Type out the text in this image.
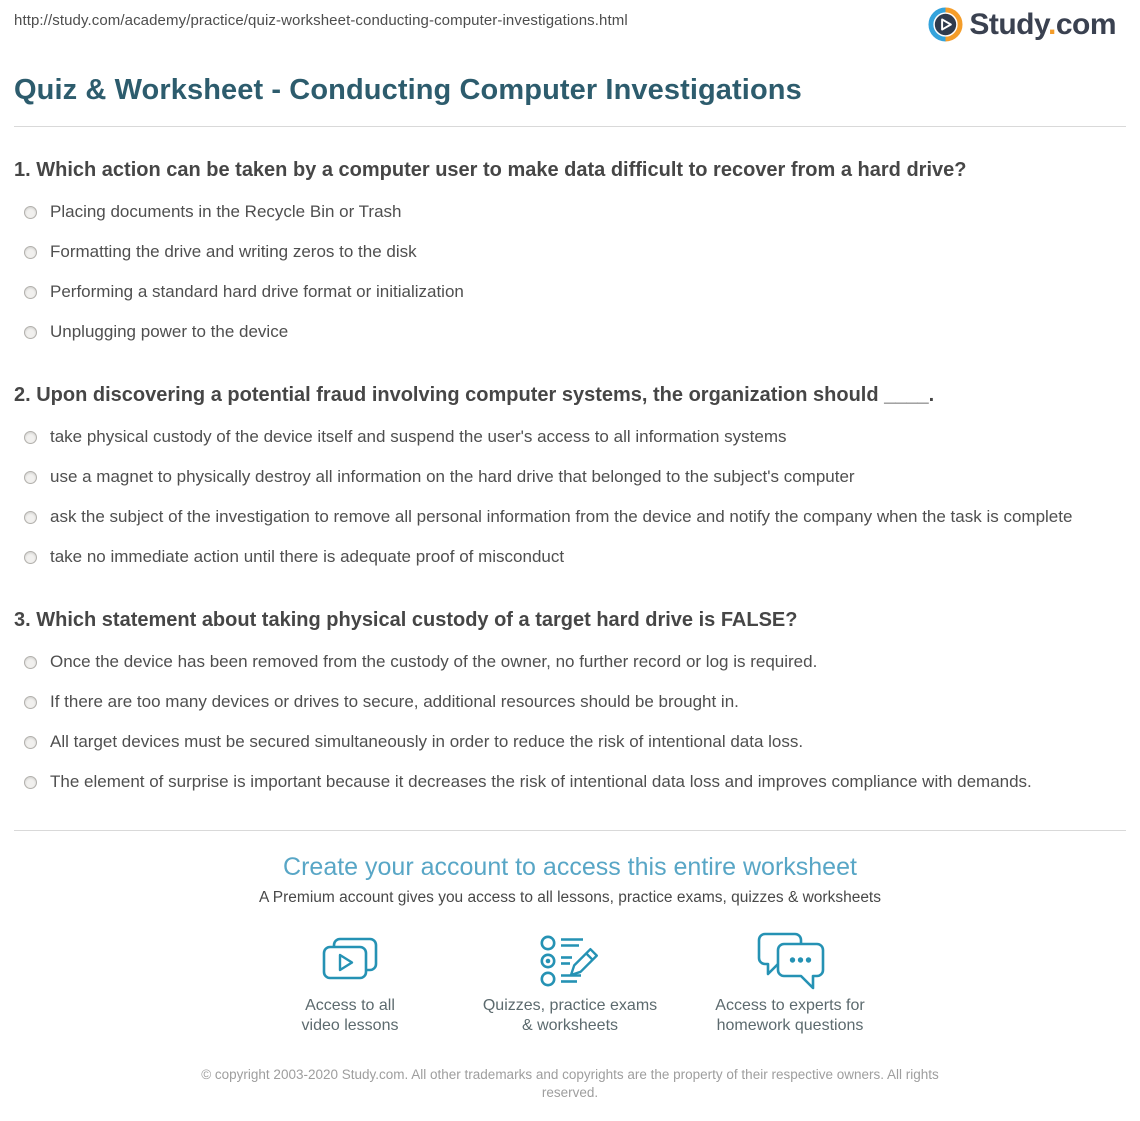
http://study.com/academy/practice/quiz-worksheet-conducting-computer-investigations.html	Study.com
Quiz & Worksheet - Conducting Computer Investigations
1. Which action can be taken by a computer user to make data difficult to recover from a hard drive?
Placing documents in the Recycle Bin or Trash
Formatting the drive and writing zeros to the disk
Performing a standard hard drive format or initialization
Unplugging power to the device
2. Upon discovering a potential fraud involving computer systems, the organization should ____.
take physical custody of the device itself and suspend the user's access to all information systems
use a magnet to physically destroy all information on the hard drive that belonged to the subject's computer
ask the subject of the investigation to remove all personal information from the device and notify the company when the task is complete
take no immediate action until there is adequate proof of misconduct
3. Which statement about taking physical custody of a target hard drive is FALSE?
Once the device has been removed from the custody of the owner, no further record or log is required.
If there are too many devices or drives to secure, additional resources should be brought in.
All target devices must be secured simultaneously in order to reduce the risk of intentional data loss.
The element of surprise is important because it decreases the risk of intentional data loss and improves compliance with demands.
Create your account to access this entire worksheet
A Premium account gives you access to all lessons, practice exams, quizzes & worksheets
Access to all
video lessons
Quizzes, practice exams
& worksheets
Access to experts for
homework questions
© copyright 2003-2020 Study.com. All other trademarks and copyrights are the property of their respective owners. All rights reserved.
